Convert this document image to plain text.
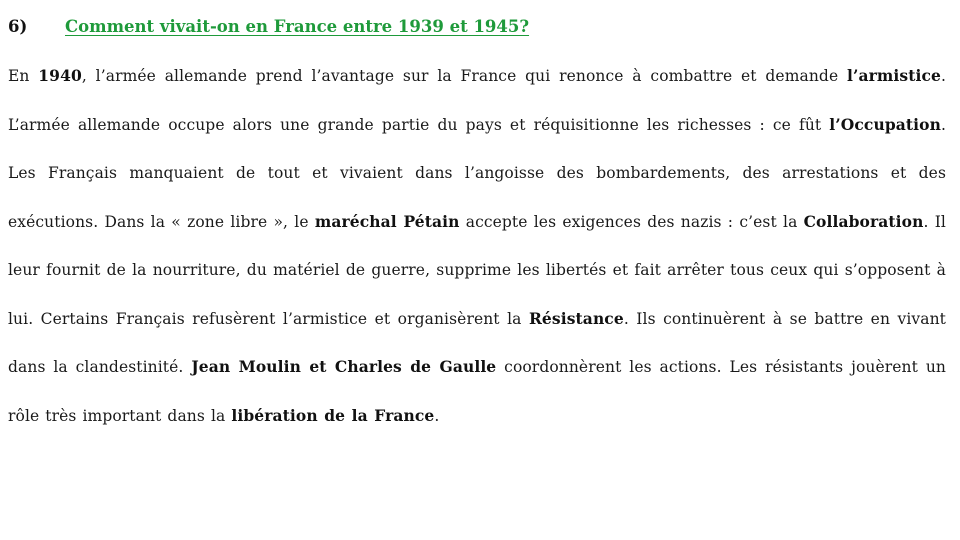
6)	Comment vivait-on en France entre 1939 et 1945?

En 1940, l’armée allemande prend l’avantage sur la France qui renonce à combattre et demande l’armistice. L’armée allemande occupe alors une grande partie du pays et réquisitionne les richesses : ce fût l’Occupation. Les Français manquaient de tout et vivaient dans l’angoisse des bombardements, des arrestations et des exécutions. Dans la « zone libre », le maréchal Pétain accepte les exigences des nazis : c’est la Collaboration. Il leur fournit de la nourriture, du matériel de guerre, supprime les libertés et fait arrêter tous ceux qui s’opposent à lui. Certains Français refusèrent l’armistice et organisèrent la Résistance. Ils continuèrent à se battre en vivant dans la clandestinité. Jean Moulin et Charles de Gaulle coordonnèrent les actions. Les résistants jouèrent un rôle très important dans la libération de la France.
